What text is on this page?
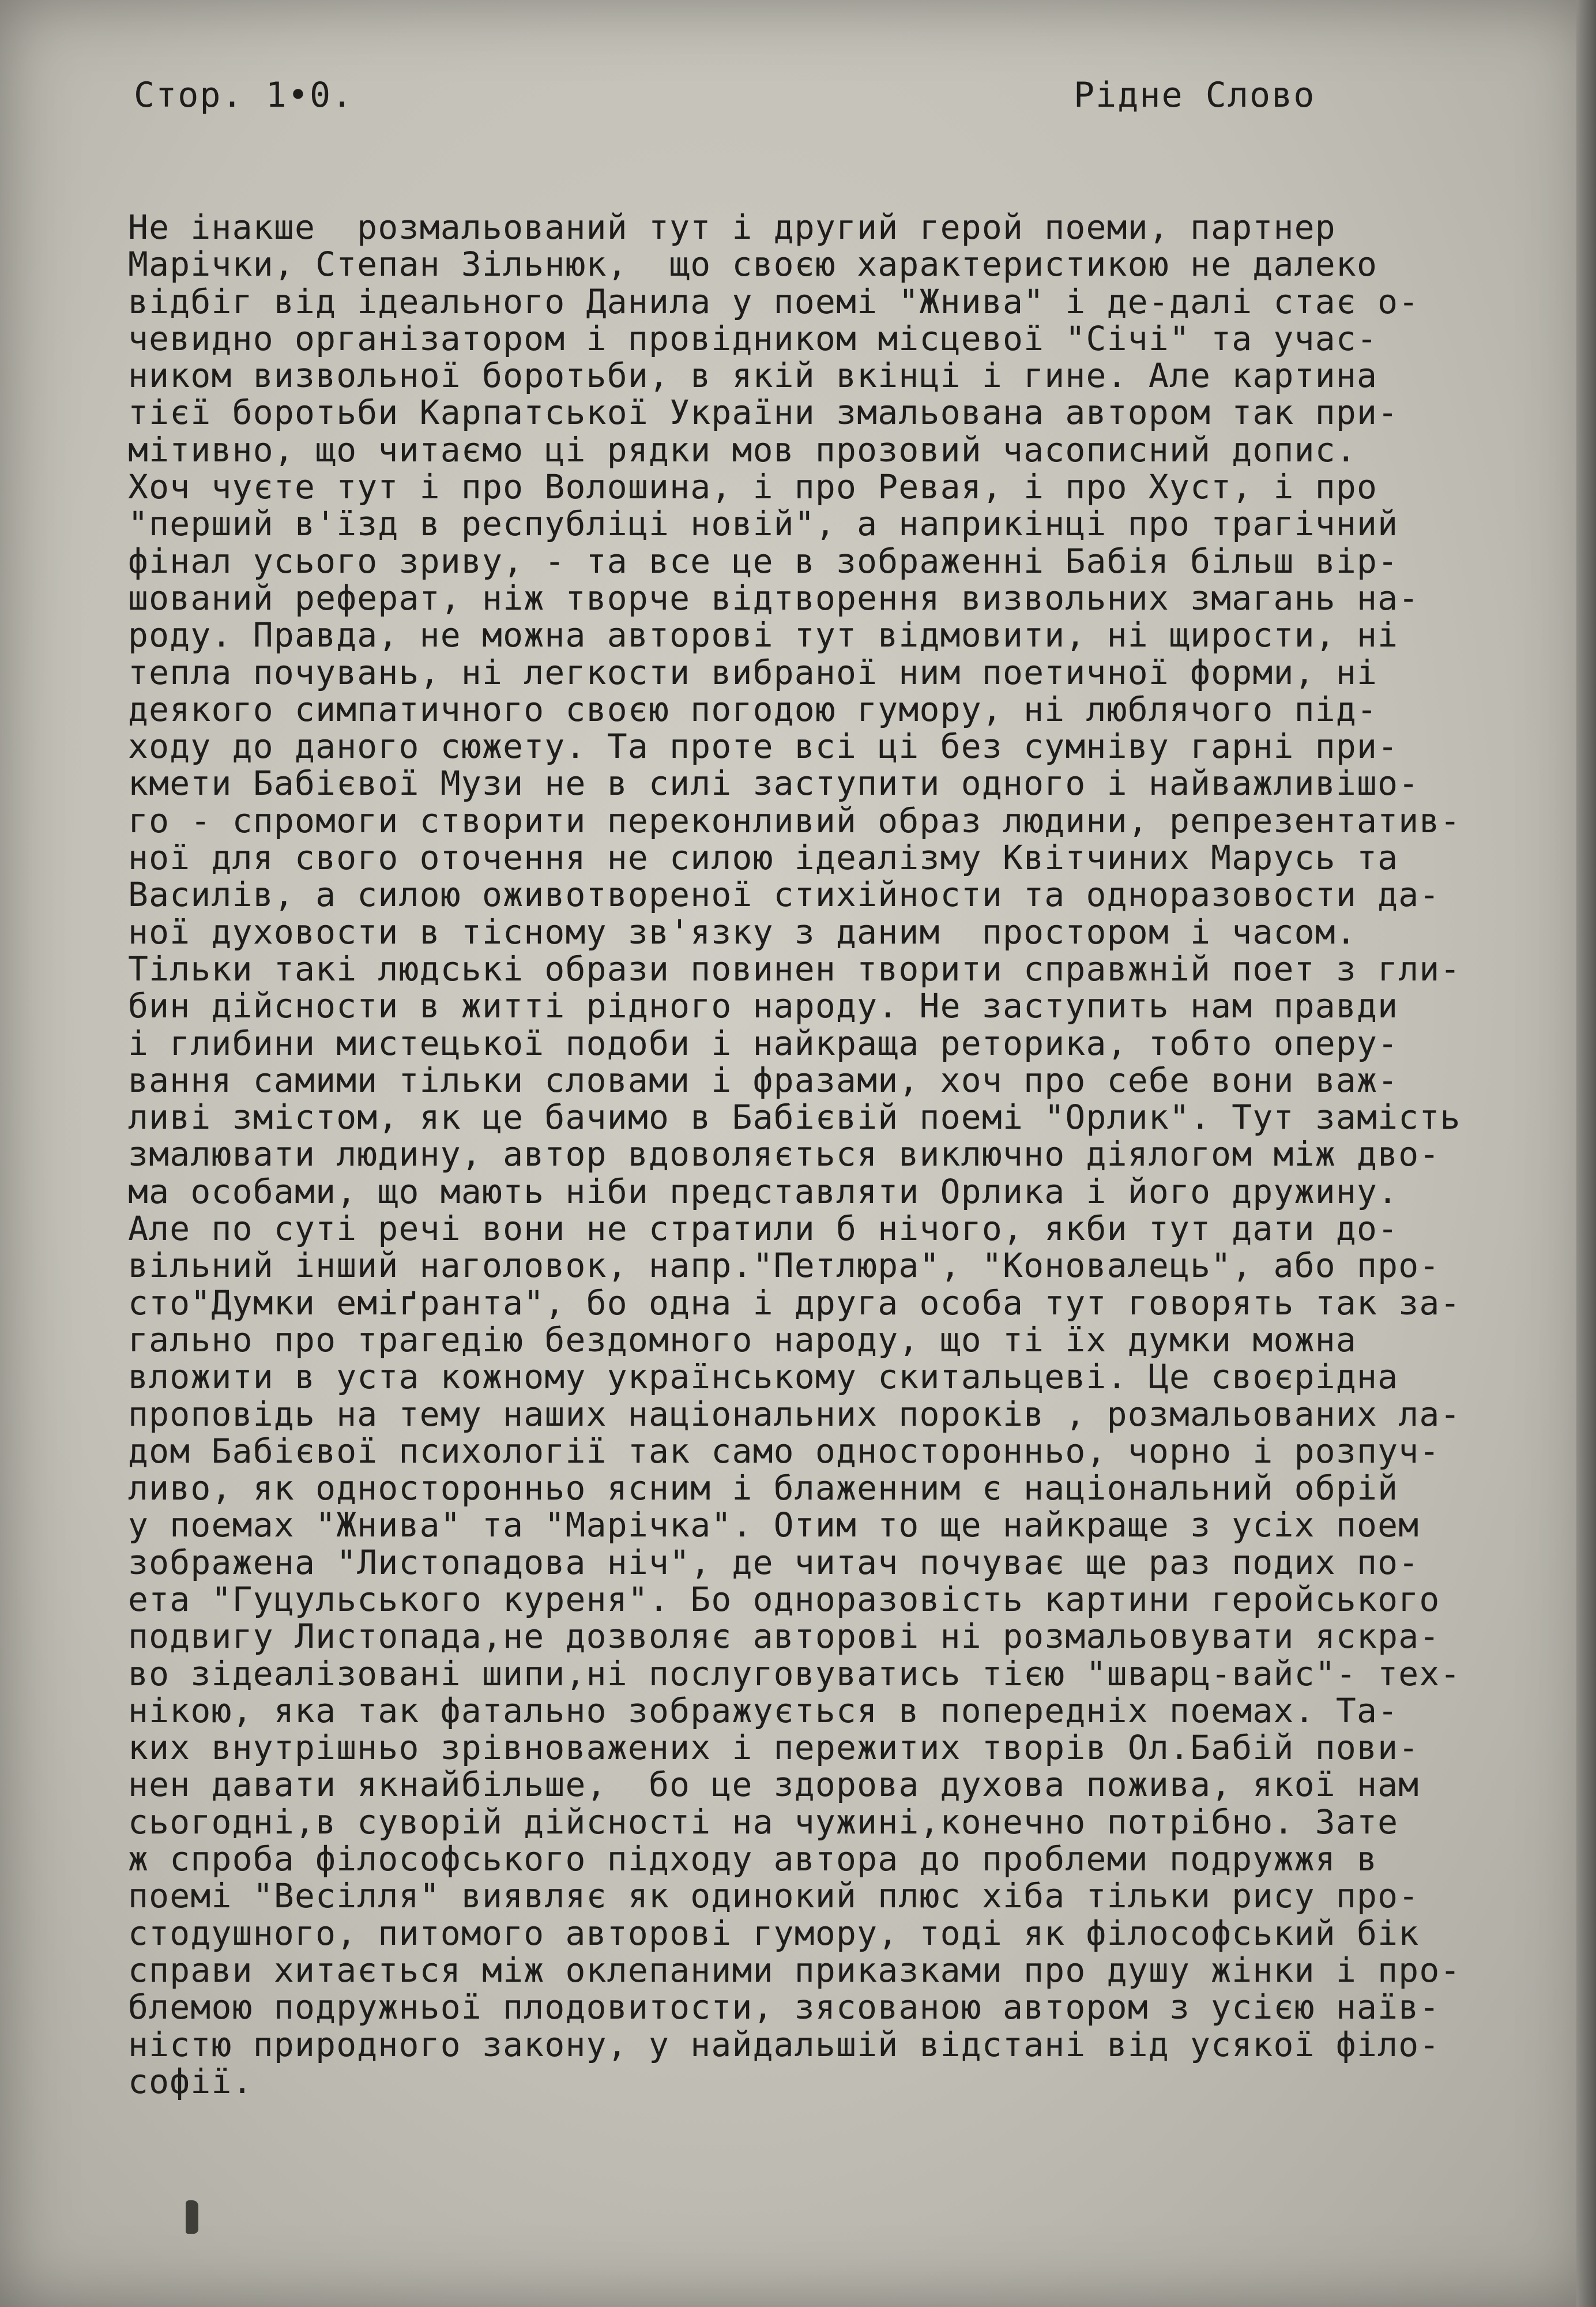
Стор. 1•0.	Рідне Слово
Не інакше  розмальований тут і другий герой поеми, партнер
Марічки, Степан Зільнюк,  що своєю характеристикою не далеко
відбіг від ідеального Данила у поемі "Жнива" і де-далі стає о-
чевидно організатором і провідником місцевої "Січі" та учас-
ником визвольної боротьби, в якій вкінці і гине. Але картина
тієї боротьби Карпатської України змальована автором так при-
мітивно, що читаємо ці рядки мов прозовий часописний допис.
Хоч чуєте тут і про Волошина, і про Ревая, і про Хуст, і про
"перший в'їзд в республіці новій", а наприкінці про трагічний
фінал усього зриву, - та все це в зображенні Бабія більш вір-
шований реферат, ніж творче відтворення визвольних змагань на-
роду. Правда, не можна авторові тут відмовити, ні щирости, ні
тепла почувань, ні легкости вибраної ним поетичної форми, ні
деякого симпатичного своєю погодою гумору, ні люблячого під-
ходу до даного сюжету. Та проте всі ці без сумніву гарні при-
кмети Бабієвої Музи не в силі заступити одного і найважливішо-
го - спромоги створити переконливий образ людини, репрезентатив-
ної для свого оточення не силою ідеалізму Квітчиних Марусь та
Василів, а силою оживотвореної стихійности та одноразовости да-
ної духовости в тісному зв'язку з даним  простором і часом.
Тільки такі людські образи повинен творити справжній поет з гли-
бин дійсности в житті рідного народу. Не заступить нам правди
і глибини мистецької подоби і найкраща реторика, тобто опеpу-
вання самими тільки словами і фразами, хоч про себе вони важ-
ливі змістом, як це бачимо в Бабієвій поемі "Орлик". Тут замість
змалювати людину, автор вдоволяється виключно діялогом між дво-
ма особами, що мають ніби представляти Орлика і його дружину.
Але по суті речі вони не стратили б нічого, якби тут дати до-
вільний інший наголовок, напр."Петлюра", "Коновалець", або про-
сто"Думки еміґранта", бо одна і друга особа тут говорять так за-
гально про трагедію бездомного народу, що ті їх думки можна
вложити в уста кожному українському скитальцеві. Це своєрідна
проповідь на тему наших національних пороків , розмальованих ла-
дом Бабієвої психології так само односторонньо, чорно і розпуч-
ливо, як односторонньо ясним і блаженним є національний обрій
у поемах "Жнива" та "Марічка". Отим то ще найкраще з усіх поем
зображена "Листопадова ніч", де читач почуває ще раз подих по-
ета "Гуцульського куреня". Бо одноразовість картини геройського
подвигу Листопада,не дозволяє авторові ні розмальовувати яскра-
во зідеалізовані шипи,ні послуговуватись тією "шварц-вайс"- тех-
нікою, яка так фатально зображується в попередніх поемах. Та-
ких внутрішньо зрівноважених і пережитих творів Ол.Бабій пови-
нен давати якнайбільше,  бо це здорова духова пожива, якої нам
сьогодні,в суворій дійсності на чужині,конечно потрібно. Зате
ж спроба філософського підходу автора до проблеми подружжя в
поемі "Весілля" виявляє як одинокий плюс хіба тільки рису про-
стодушного, питомого авторові гумору, тоді як філософський бік
справи хитається між оклепаними приказками про душу жінки і про-
блемою подружньої плодовитости, зясованою автором з усією наїв-
ністю природного закону, у найдальшій відстані від усякої філо-
софії.
